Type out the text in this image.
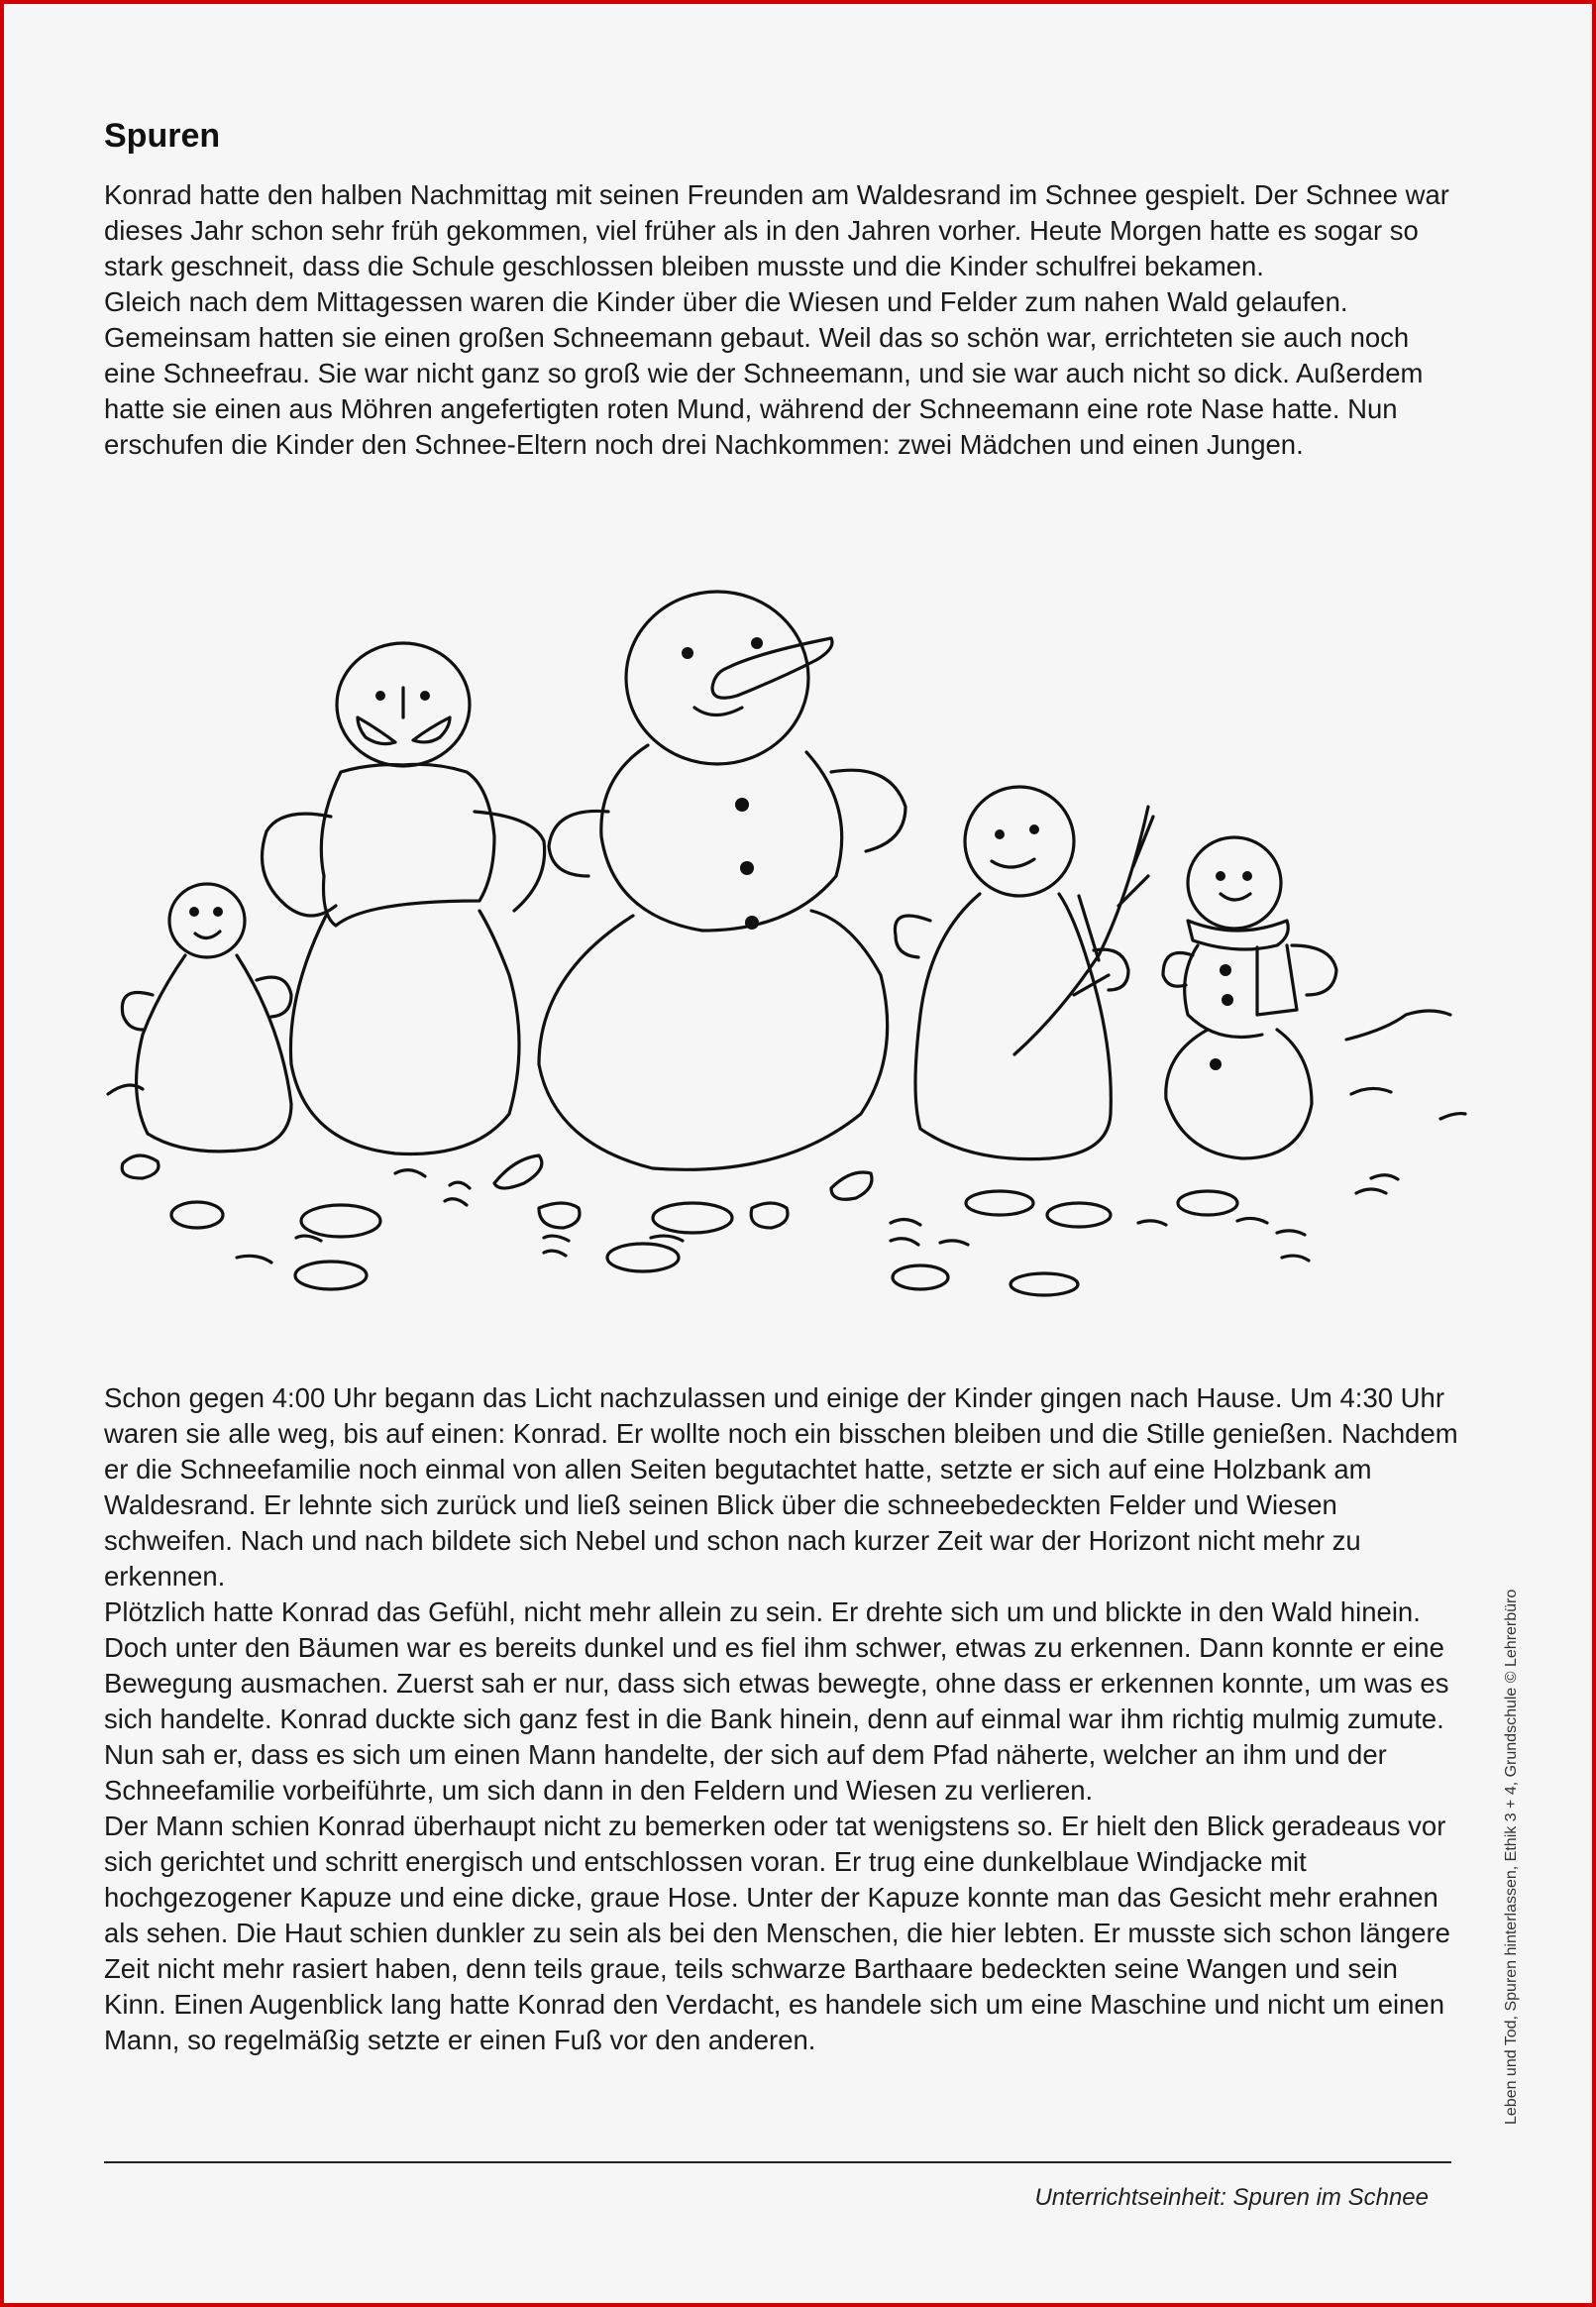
Spuren

Konrad hatte den halben Nachmittag mit seinen Freunden am Waldesrand im Schnee gespielt. Der Schnee war dieses Jahr schon sehr früh gekommen, viel früher als in den Jahren vorher. Heute Morgen hatte es sogar so stark geschneit, dass die Schule geschlossen bleiben musste und die Kinder schulfrei bekamen.

Gleich nach dem Mittagessen waren die Kinder über die Wiesen und Felder zum nahen Wald gelaufen. Gemeinsam hatten sie einen großen Schneemann gebaut. Weil das so schön war, errichteten sie auch noch eine Schneefrau. Sie war nicht ganz so groß wie der Schneemann, und sie war auch nicht so dick. Außerdem hatte sie einen aus Möhren angefertigten roten Mund, während der Schneemann eine rote Nase hatte. Nun erschufen die Kinder den Schnee-Eltern noch drei Nachkommen: zwei Mädchen und einen Jungen.

Schon gegen 4:00 Uhr begann das Licht nachzulassen und einige der Kinder gingen nach Hause. Um 4:30 Uhr waren sie alle weg, bis auf einen: Konrad. Er wollte noch ein bisschen bleiben und die Stille genießen. Nachdem er die Schneefamilie noch einmal von allen Seiten begutachtet hatte, setzte er sich auf eine Holzbank am Waldesrand. Er lehnte sich zurück und ließ seinen Blick über die schneebedeckten Felder und Wiesen schweifen. Nach und nach bildete sich Nebel und schon nach kurzer Zeit war der Horizont nicht mehr zu erkennen.

Plötzlich hatte Konrad das Gefühl, nicht mehr allein zu sein. Er drehte sich um und blickte in den Wald hinein. Doch unter den Bäumen war es bereits dunkel und es fiel ihm schwer, etwas zu erkennen. Dann konnte er eine Bewegung ausmachen. Zuerst sah er nur, dass sich etwas bewegte, ohne dass er erkennen konnte, um was es sich handelte. Konrad duckte sich ganz fest in die Bank hinein, denn auf einmal war ihm richtig mulmig zumute. Nun sah er, dass es sich um einen Mann handelte, der sich auf dem Pfad näherte, welcher an ihm und der Schneefamilie vorbeiführte, um sich dann in den Feldern und Wiesen zu verlieren.

Der Mann schien Konrad überhaupt nicht zu bemerken oder tat wenigstens so. Er hielt den Blick geradeaus vor sich gerichtet und schritt energisch und entschlossen voran. Er trug eine dunkelblaue Windjacke mit hochgezogener Kapuze und eine dicke, graue Hose. Unter der Kapuze konnte man das Gesicht mehr erahnen als sehen. Die Haut schien dunkler zu sein als bei den Menschen, die hier lebten. Er musste sich schon längere Zeit nicht mehr rasiert haben, denn teils graue, teils schwarze Barthaare bedeckten seine Wangen und sein Kinn. Einen Augenblick lang hatte Konrad den Verdacht, es handele sich um eine Maschine und nicht um einen Mann, so regelmäßig setzte er einen Fuß vor den anderen.

Unterrichtseinheit: Spuren im Schnee
Leben und Tod, Spuren hinterlassen, Ethik 3 + 4, Grundschule © Lehrerbüro
